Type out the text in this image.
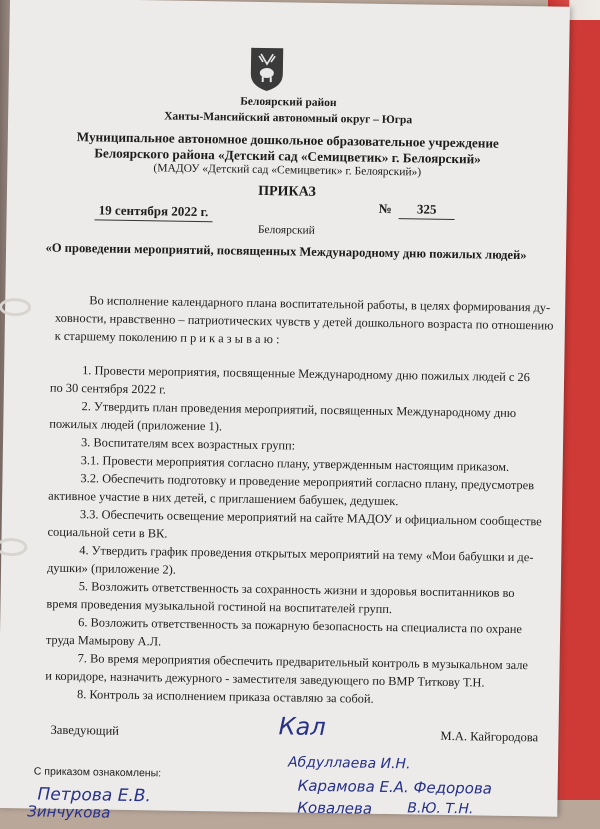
Белоярский район
Ханты-Мансийский автономный округ – Югра
Муниципальное автономное дошкольное образовательное учреждение
Белоярского района «Детский сад «Семицветик» г. Белоярский»
(МАДОУ «Детский сад «Семицветик» г. Белоярский»)
ПРИКАЗ
19 сентября 2022 г.	№	325
Белоярский
«О проведении мероприятий, посвященных Международному дню пожилых людей»
Во исполнение календарного плана воспитательной работы, в целях формирования ду-
ховности, нравственно – патриотических чувств у детей дошкольного возраста по отношению
к старшему поколению п р и к а з ы в а ю :
1. Провести мероприятия, посвященные Международному дню пожилых людей с 26
по 30 сентября 2022 г.
2. Утвердить план проведения мероприятий, посвященных Международному дню
пожилых людей (приложение 1).
3. Воспитателям всех возрастных групп:
3.1. Провести мероприятия согласно плану, утвержденным настоящим приказом.
3.2. Обеспечить подготовку и проведение мероприятий согласно плану, предусмотрев
активное участие в них детей, с приглашением бабушек, дедушек.
3.3. Обеспечить освещение мероприятий на сайте МАДОУ и официальном сообществе
социальной сети в ВК.
4. Утвердить график проведения открытых мероприятий на тему «Мои бабушки и де-
душки» (приложение 2).
5. Возложить ответственность за сохранность жизни и здоровья воспитанников во
время проведения музыкальной гостиной на воспитателей групп.
6. Возложить ответственность за пожарную безопасность на специалиста по охране
труда Мамырову А.Л.
7. Во время мероприятия обеспечить предварительный контроль в музыкальном зале
и коридоре, назначить дежурного - заместителя заведующего по ВМР Титкову Т.Н.
8. Контроль за исполнением приказа оставляю за собой.
Заведующий	Кал	М.А. Кайгородова
С приказом ознакомлены:
Абдуллаева И.Н.
Петрова Е.В.	Карамова Е.А. Федорова
Зинчукова	Ковалева	В.Ю. Т.Н.
